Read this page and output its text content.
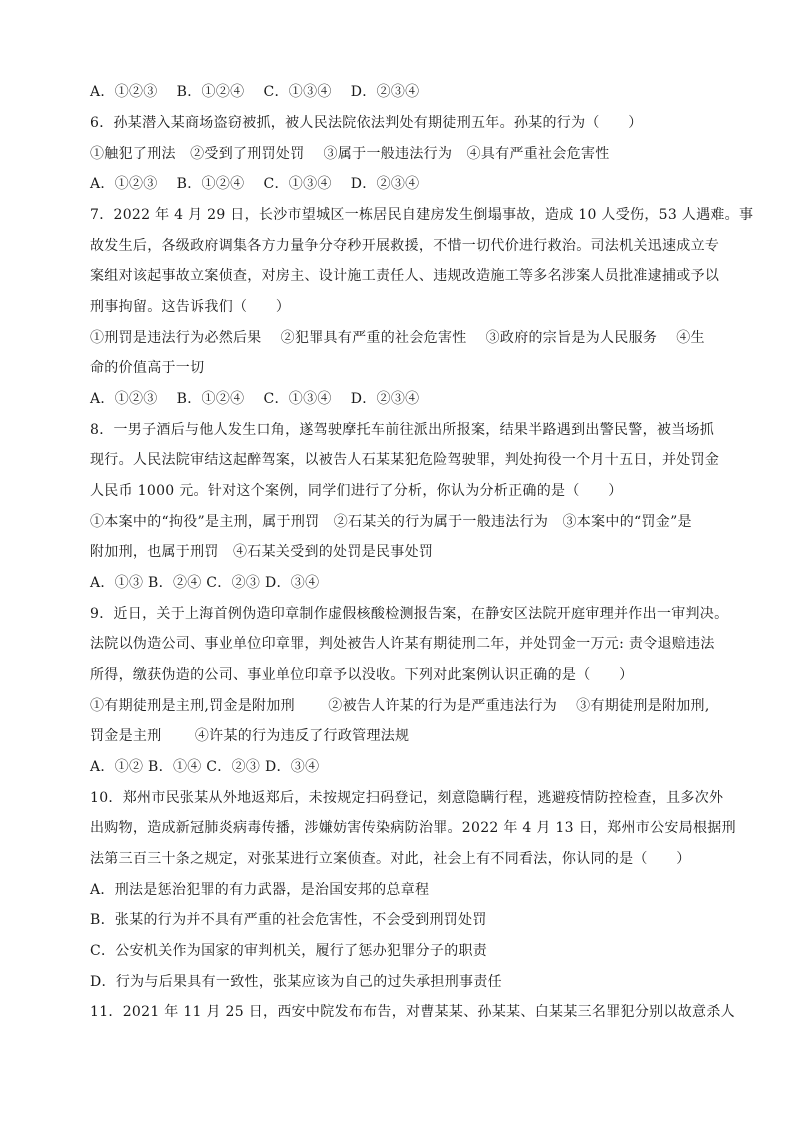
A．①②③　 B．①②④　 C．①③④　 D．②③④
6．孙某潜入某商场盗窃被抓，被人民法院依法判处有期徒刑五年。孙某的行为（　　）
①触犯了刑法　②受到了刑罚处罚　 ③属于一般违法行为　④具有严重社会危害性
A．①②③　 B．①②④　 C．①③④　 D．②③④
7．2022 年 4 月 29 日，长沙市望城区一栋居民自建房发生倒塌事故，造成 10 人受伤，53 人遇难。事
故发生后，各级政府调集各方力量争分夺秒开展救援，不惜一切代价进行救治。司法机关迅速成立专
案组对该起事故立案侦查，对房主、设计施工责任人、违规改造施工等多名涉案人员批准逮捕或予以
刑事拘留。这告诉我们（　　）
①刑罚是违法行为必然后果　 ②犯罪具有严重的社会危害性　 ③政府的宗旨是为人民服务　 ④生
命的价值高于一切
A．①②③　 B．①②④　 C．①③④　 D．②③④
8．一男子酒后与他人发生口角，遂驾驶摩托车前往派出所报案，结果半路遇到出警民警，被当场抓
现行。人民法院审结这起醉驾案，以被告人石某某犯危险驾驶罪，判处拘役一个月十五日，并处罚金
人民币 1000 元。针对这个案例，同学们进行了分析，你认为分析正确的是（　　）
①本案中的“拘役”是主刑，属于刑罚　②石某关的行为属于一般违法行为　③本案中的“罚金”是
附加刑，也属于刑罚　④石某关受到的处罚是民事处罚
A．①③ B．②④ C．②③ D．③④
9．近日，关于上海首例伪造印章制作虚假核酸检测报告案，在静安区法院开庭审理并作出一审判决。
法院以伪造公司、事业单位印章罪，判处被告人许某有期徒刑二年，并处罚金一万元: 责令退赔违法
所得，缴获伪造的公司、事业单位印章予以没收。下列对此案例认识正确的是（　　）
①有期徒刑是主刑,罚金是附加刑　　 ②被告人许某的行为是严重违法行为　 ③有期徒刑是附加刑,
罚金是主刑　　 ④许某的行为违反了行政管理法规
A．①② B．①④ C．②③ D．③④
10．郑州市民张某从外地返郑后，未按规定扫码登记，刻意隐瞒行程，逃避疫情防控检查，且多次外
出购物，造成新冠肺炎病毒传播，涉嫌妨害传染病防治罪。2022 年 4 月 13 日，郑州市公安局根据刑
法第三百三十条之规定，对张某进行立案侦查。对此，社会上有不同看法，你认同的是（　　）
A．刑法是惩治犯罪的有力武器，是治国安邦的总章程
B．张某的行为并不具有严重的社会危害性，不会受到刑罚处罚
C．公安机关作为国家的审判机关，履行了惩办犯罪分子的职责
D．行为与后果具有一致性，张某应该为自己的过失承担刑事责任
11．2021 年 11 月 25 日，西安中院发布布告，对曹某某、孙某某、白某某三名罪犯分别以故意杀人
